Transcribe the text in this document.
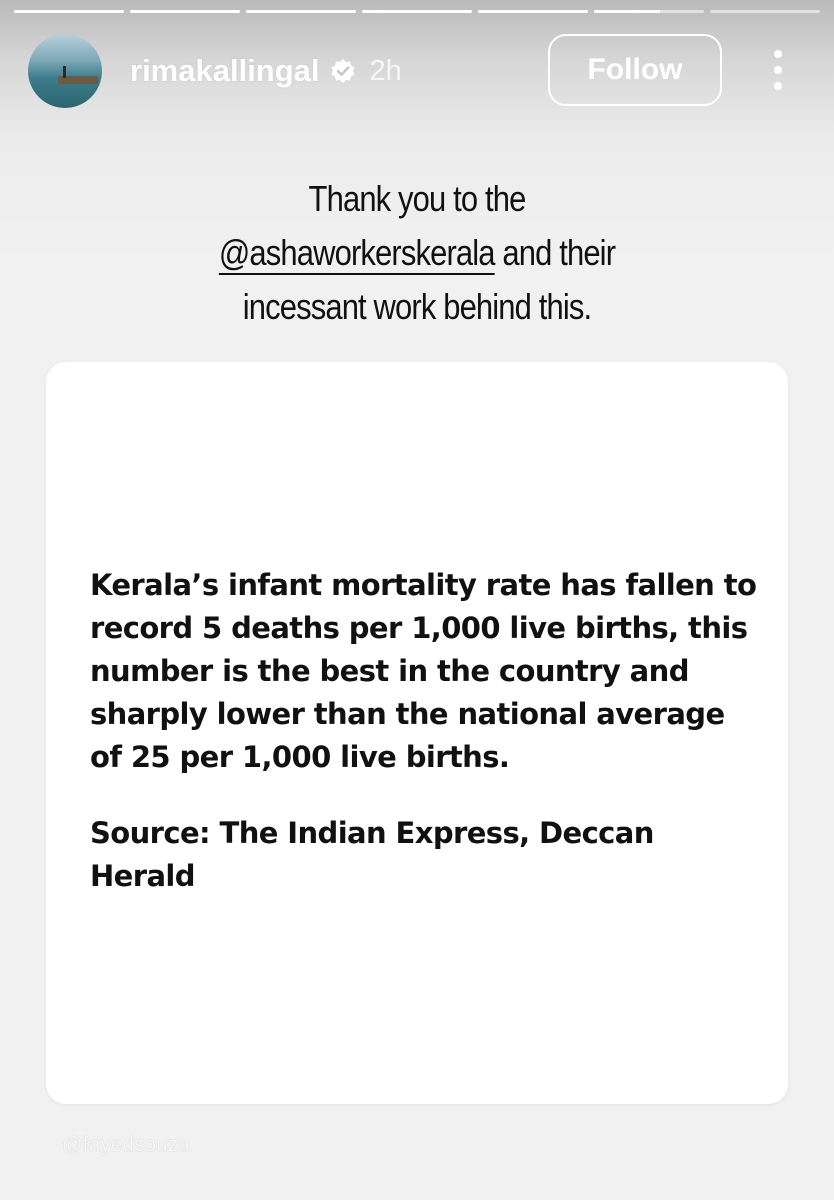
rimakallingal 2h	Follow
Thank you to the
@ashaworkerskerala and their
incessant work behind this.
Kerala’s infant mortality rate has fallen to record 5 deaths per 1,000 live births, this number is the best in the country and sharply lower than the national average of 25 per 1,000 live births.
Source: The Indian Express, Deccan Herald
@fayedsouza
